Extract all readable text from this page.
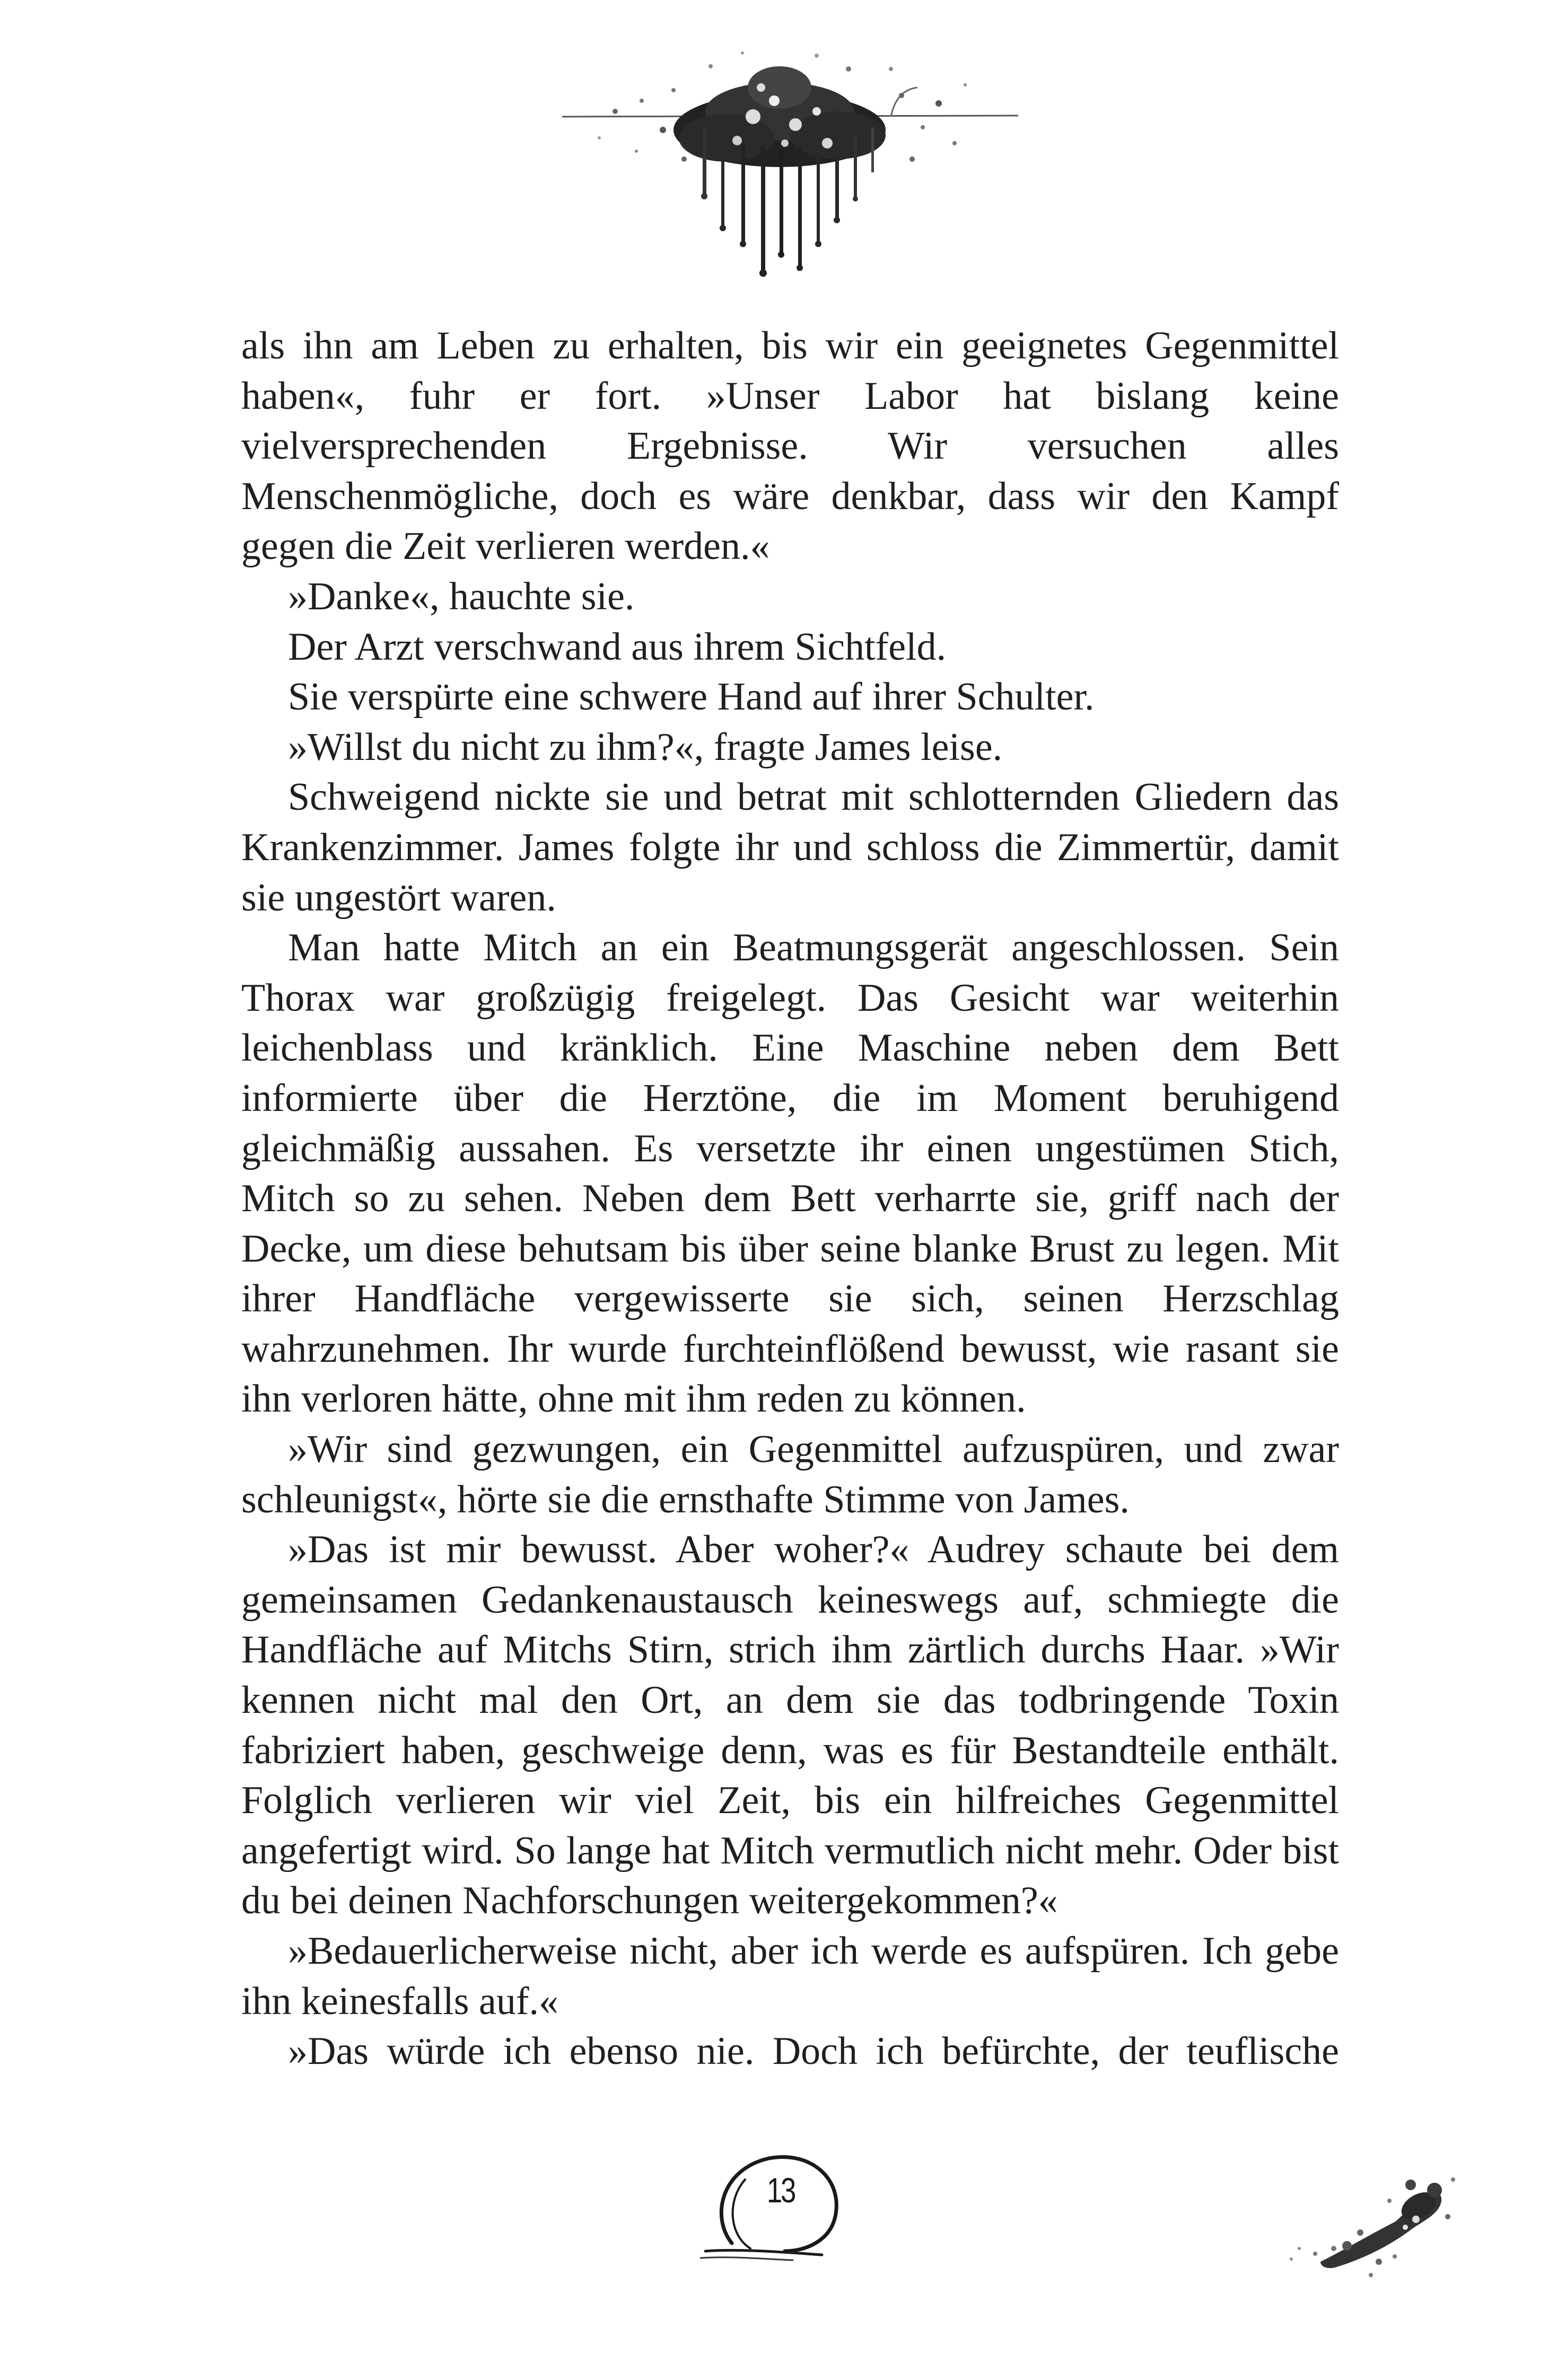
als ihn am Leben zu erhalten, bis wir ein geeignetes Gegenmittel haben«, fuhr er fort. »Unser Labor hat bislang keine vielversprechenden Ergebnisse. Wir versuchen alles Menschenmögliche, doch es wäre denkbar, dass wir den Kampf gegen die Zeit verlieren werden.«

»Danke«, hauchte sie.

Der Arzt verschwand aus ihrem Sichtfeld.

Sie verspürte eine schwere Hand auf ihrer Schulter.

»Willst du nicht zu ihm?«, fragte James leise.

Schweigend nickte sie und betrat mit schlotternden Gliedern das Krankenzimmer. James folgte ihr und schloss die Zimmertür, damit sie ungestört waren.

Man hatte Mitch an ein Beatmungsgerät angeschlossen. Sein Thorax war großzügig freigelegt. Das Gesicht war weiterhin leichenblass und kränklich. Eine Maschine neben dem Bett informierte über die Herztöne, die im Moment beruhigend gleichmäßig aussahen. Es versetzte ihr einen ungestümen Stich, Mitch so zu sehen. Neben dem Bett verharrte sie, griff nach der Decke, um diese behutsam bis über seine blanke Brust zu legen. Mit ihrer Handfläche vergewisserte sie sich, seinen Herzschlag wahrzunehmen. Ihr wurde furchteinflößend bewusst, wie rasant sie ihn verloren hätte, ohne mit ihm reden zu können.

»Wir sind gezwungen, ein Gegenmittel aufzuspüren, und zwar schleunigst«, hörte sie die ernsthafte Stimme von James.

»Das ist mir bewusst. Aber woher?« Audrey schaute bei dem gemeinsamen Gedankenaustausch keineswegs auf, schmiegte die Handfläche auf Mitchs Stirn, strich ihm zärtlich durchs Haar. »Wir kennen nicht mal den Ort, an dem sie das todbringende Toxin fabriziert haben, geschweige denn, was es für Bestandteile enthält. Folglich verlieren wir viel Zeit, bis ein hilfreiches Gegenmittel angefertigt wird. So lange hat Mitch vermutlich nicht mehr. Oder bist du bei deinen Nachforschungen weitergekommen?«

»Bedauerlicherweise nicht, aber ich werde es aufspüren. Ich gebe ihn keinesfalls auf.«

»Das würde ich ebenso nie. Doch ich befürchte, der teuflische

13
